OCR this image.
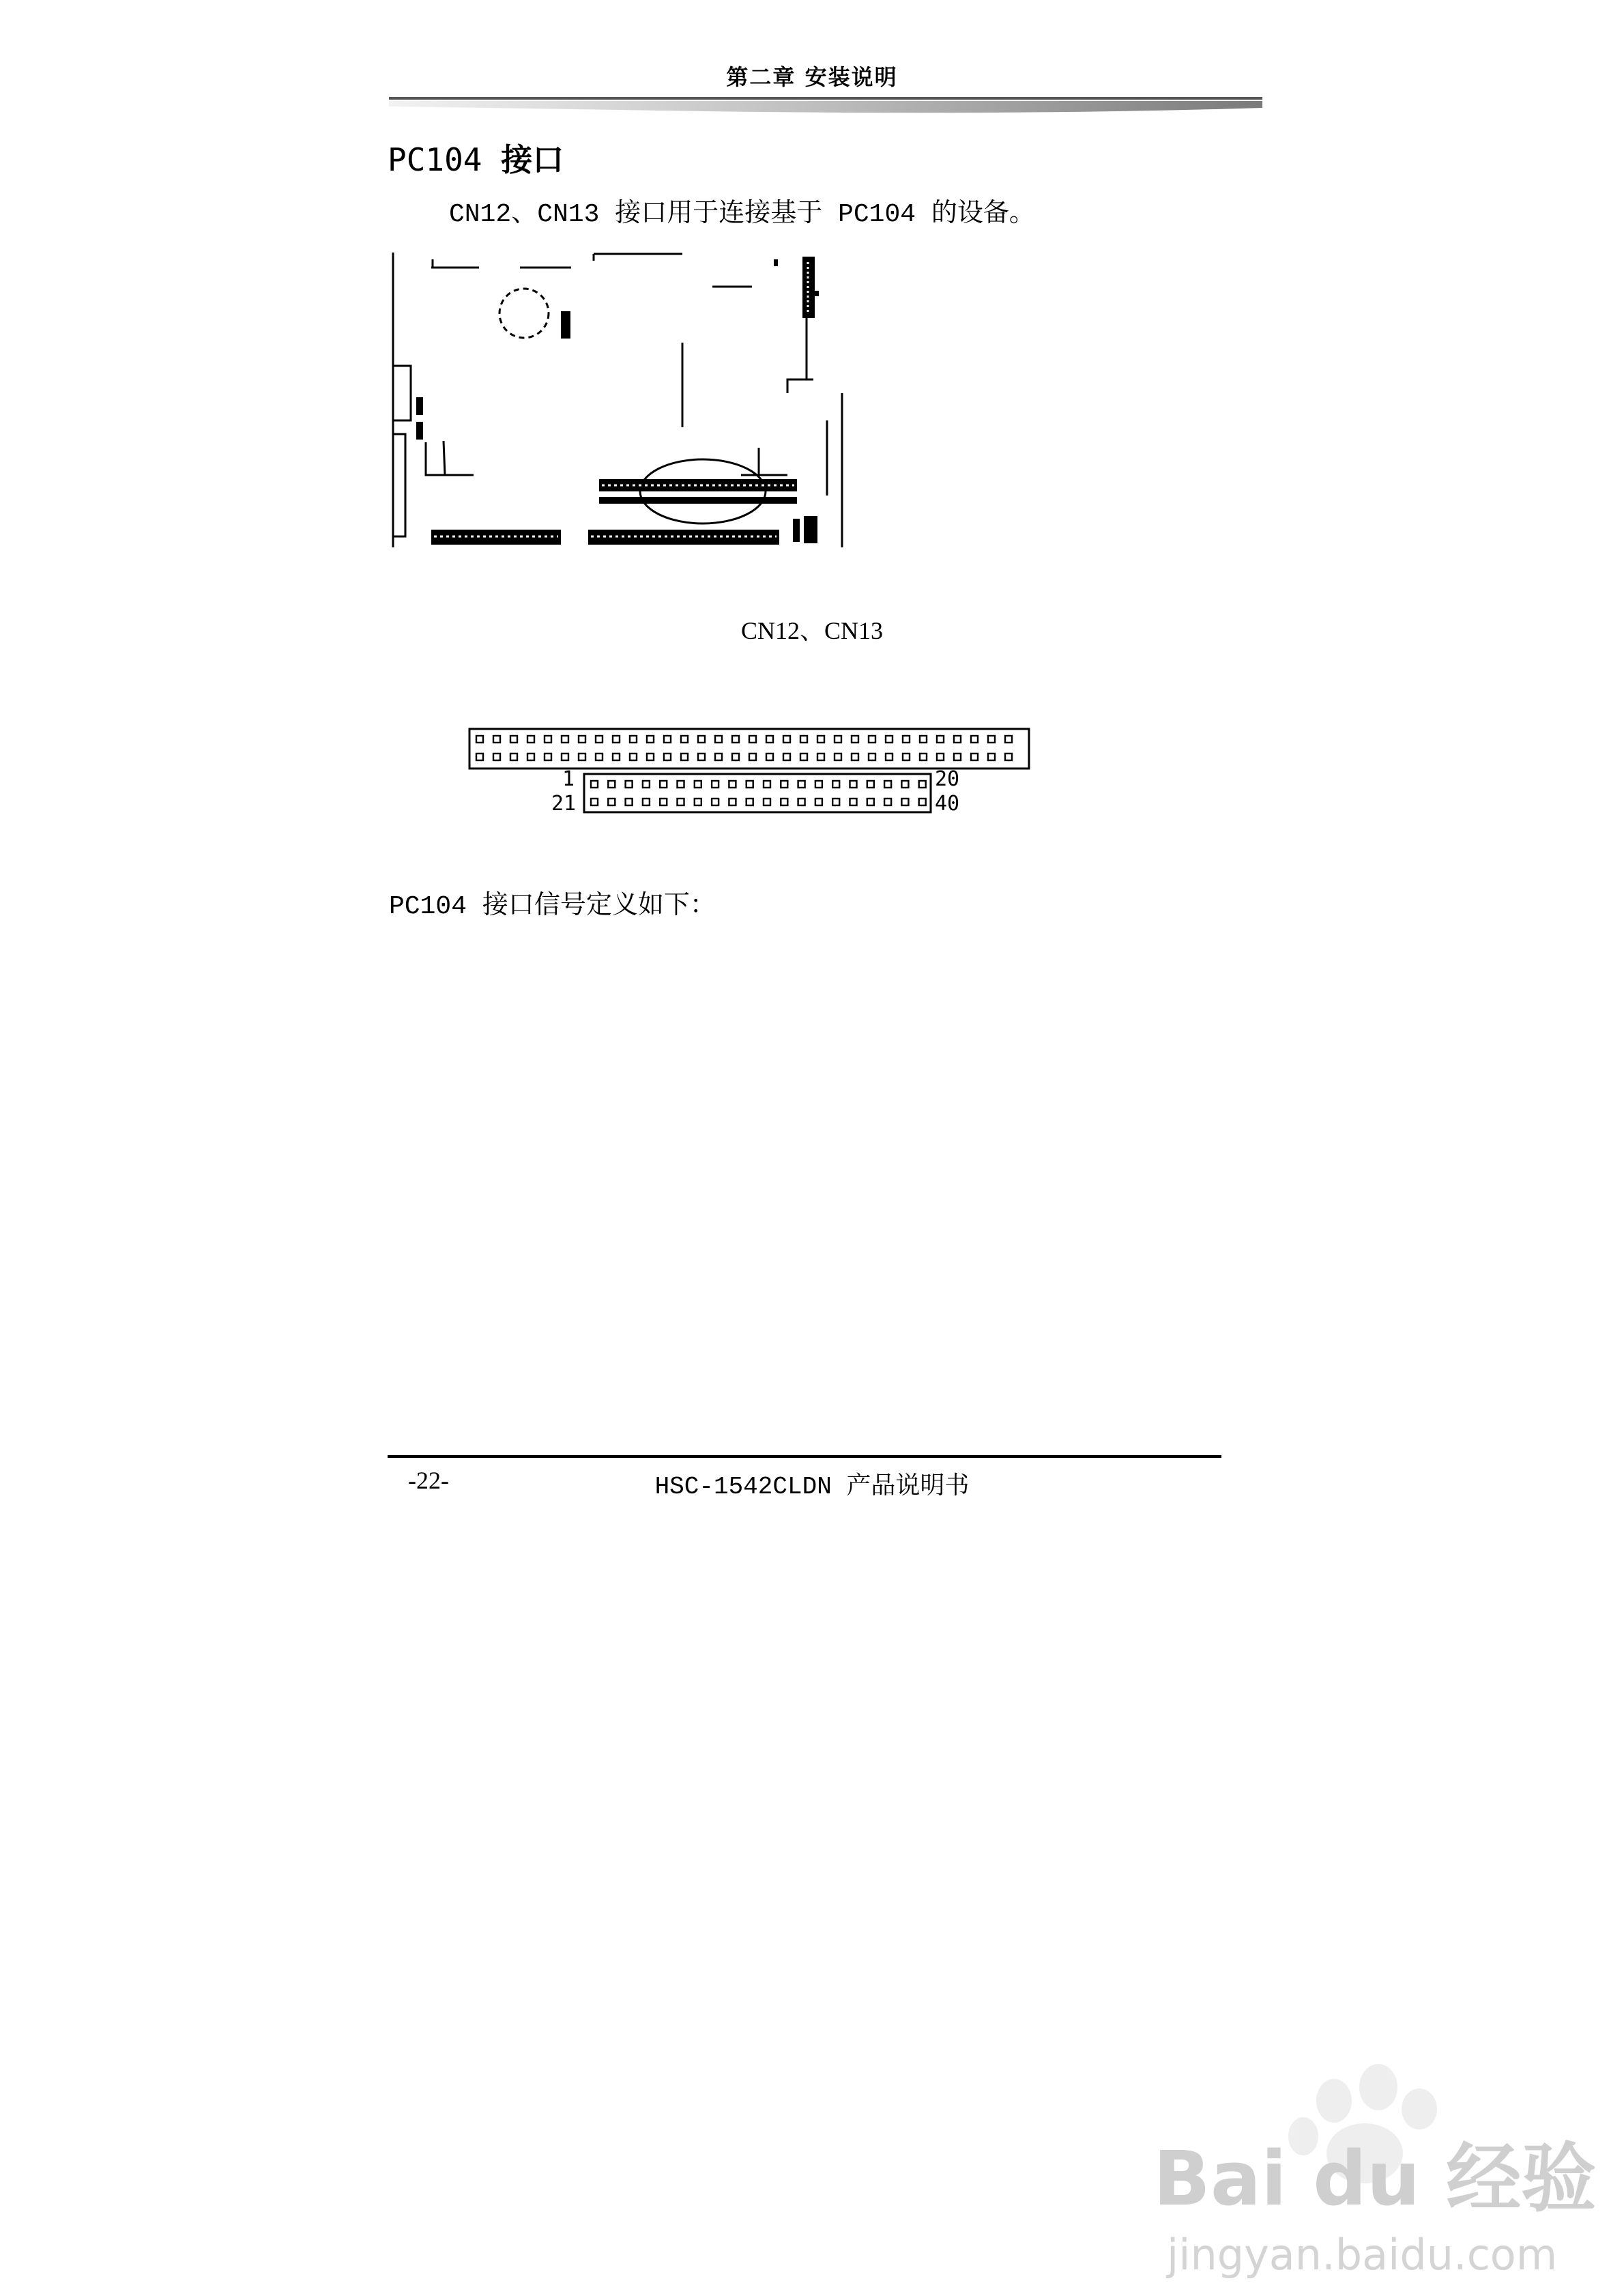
第二章 安装说明
PC104 接口
CN12、CN13 接口用于连接基于 PC104 的设备。
CN12、CN13
1	20
21	40
PC104 接口信号定义如下：
-22-	HSC-1542CLDN 产品说明书
Bai du 经验
jingyan.baidu.com
